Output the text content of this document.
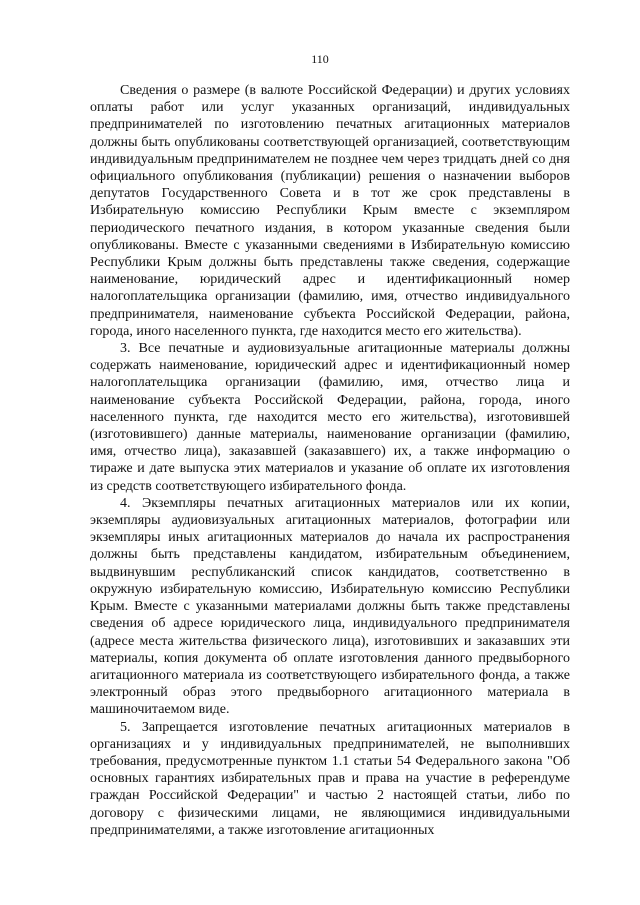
110

Сведения о размере (в валюте Российской Федерации) и других условиях оплаты работ или услуг указанных организаций, индивидуальных предпринимателей по изготовлению печатных агитационных материалов должны быть опубликованы соответствующей организацией, соответствующим индивидуальным предпринимателем не позднее чем через тридцать дней со дня официального опубликования (публикации) решения о назначении выборов депутатов Государственного Совета и в тот же срок представлены в Избирательную комиссию Республики Крым вместе с экземпляром периодического печатного издания, в котором указанные сведения были опубликованы. Вместе с указанными сведениями в Избирательную комиссию Республики Крым должны быть представлены также сведения, содержащие наименование, юридический адрес и идентификационный номер налогоплательщика организации (фамилию, имя, отчество индивидуального предпринимателя, наименование субъекта Российской Федерации, района, города, иного населенного пункта, где находится место его жительства).

3. Все печатные и аудиовизуальные агитационные материалы должны содержать наименование, юридический адрес и идентификационный номер налогоплательщика организации (фамилию, имя, отчество лица и наименование субъекта Российской Федерации, района, города, иного населенного пункта, где находится место его жительства), изготовившей (изготовившего) данные материалы, наименование организации (фамилию, имя, отчество лица), заказавшей (заказавшего) их, а также информацию о тираже и дате выпуска этих материалов и указание об оплате их изготовления из средств соответствующего избирательного фонда.

4. Экземпляры печатных агитационных материалов или их копии, экземпляры аудиовизуальных агитационных материалов, фотографии или экземпляры иных агитационных материалов до начала их распространения должны быть представлены кандидатом, избирательным объединением, выдвинувшим республиканский список кандидатов, соответственно в окружную избирательную комиссию, Избирательную комиссию Республики Крым. Вместе с указанными материалами должны быть также представлены сведения об адресе юридического лица, индивидуального предпринимателя (адресе места жительства физического лица), изготовивших и заказавших эти материалы, копия документа об оплате изготовления данного предвыборного агитационного материала из соответствующего избирательного фонда, а также электронный образ этого предвыборного агитационного материала в машиночитаемом виде.

5. Запрещается изготовление печатных агитационных материалов в организациях и у индивидуальных предпринимателей, не выполнивших требования, предусмотренные пунктом 1.1 статьи 54 Федерального закона "Об основных гарантиях избирательных прав и права на участие в референдуме граждан Российской Федерации" и частью 2 настоящей статьи, либо по договору с физическими лицами, не являющимися индивидуальными предпринимателями, а также изготовление агитационных
